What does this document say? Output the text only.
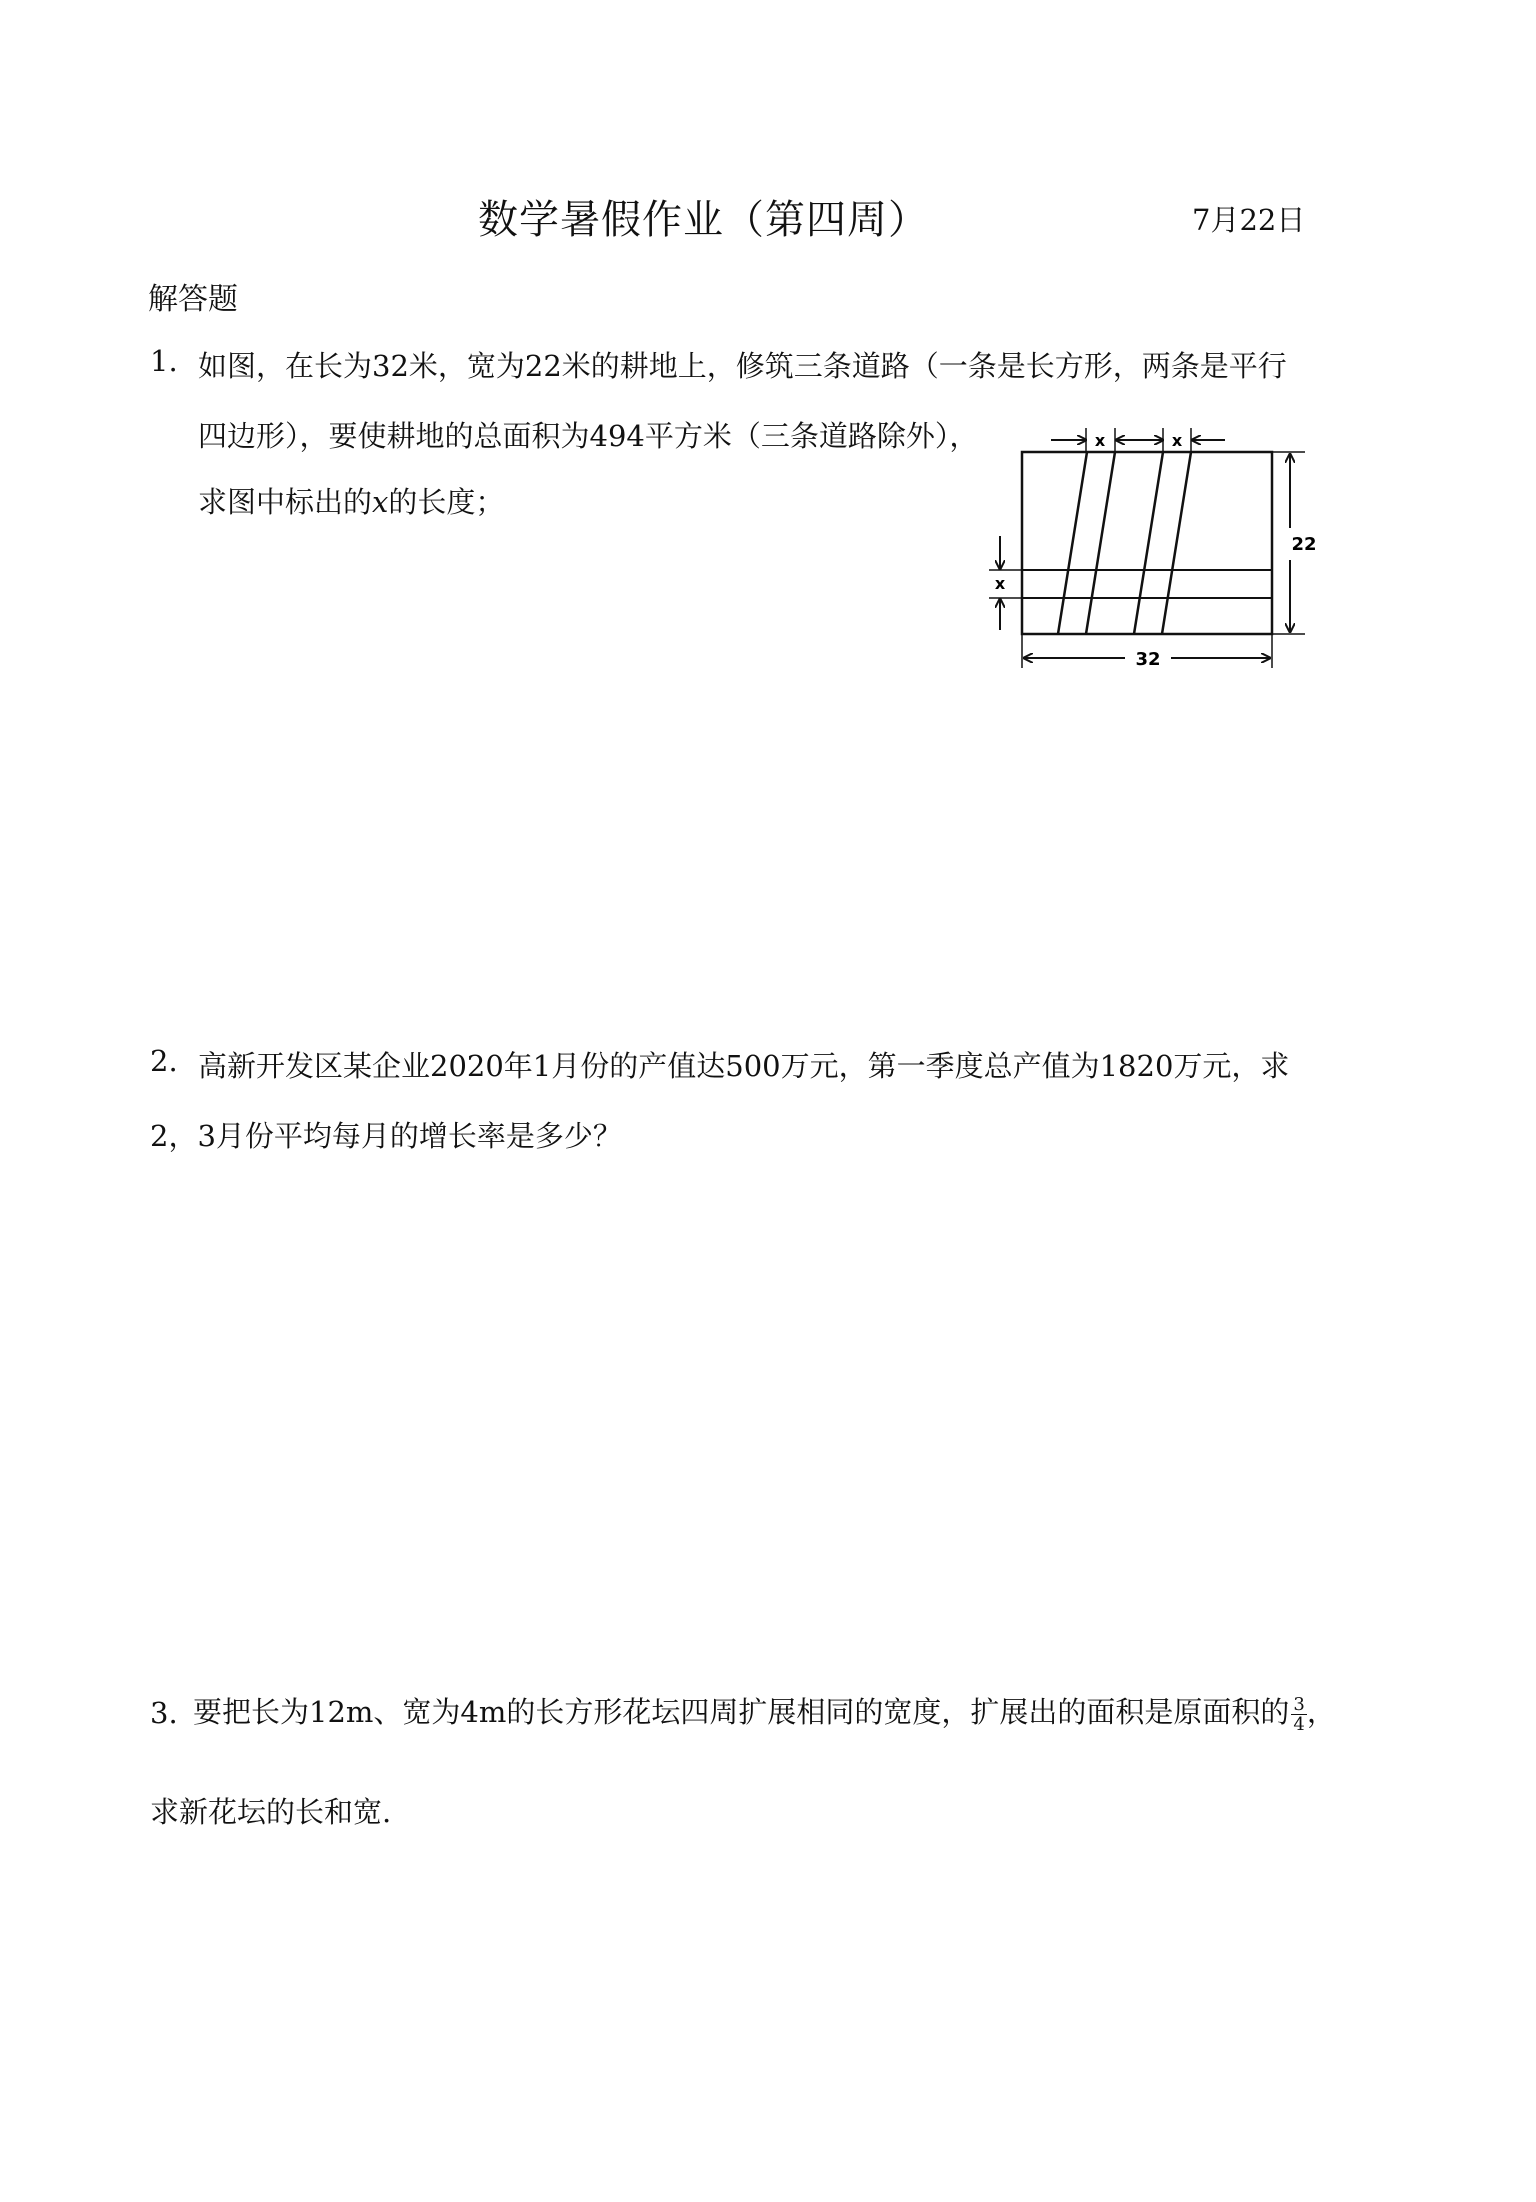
数学暑假作业（第四周）	7月22日
解答题
1. 如图，在长为32米，宽为22米的耕地上，修筑三条道路（一条是长方形，两条是平行
四边形），要使耕地的总面积为494平方米（三条道路除外），
求图中标出的x的长度；
x	x
x
22
32
2. 高新开发区某企业2020年1月份的产值达500万元，第一季度总产值为1820万元，求
2，3月份平均每月的增长率是多少？
3. 要把长为12m、宽为4m的长方形花坛四周扩展相同的宽度，扩展出的面积是原面积的 $\frac{3}{4}$ ，
求新花坛的长和宽.
